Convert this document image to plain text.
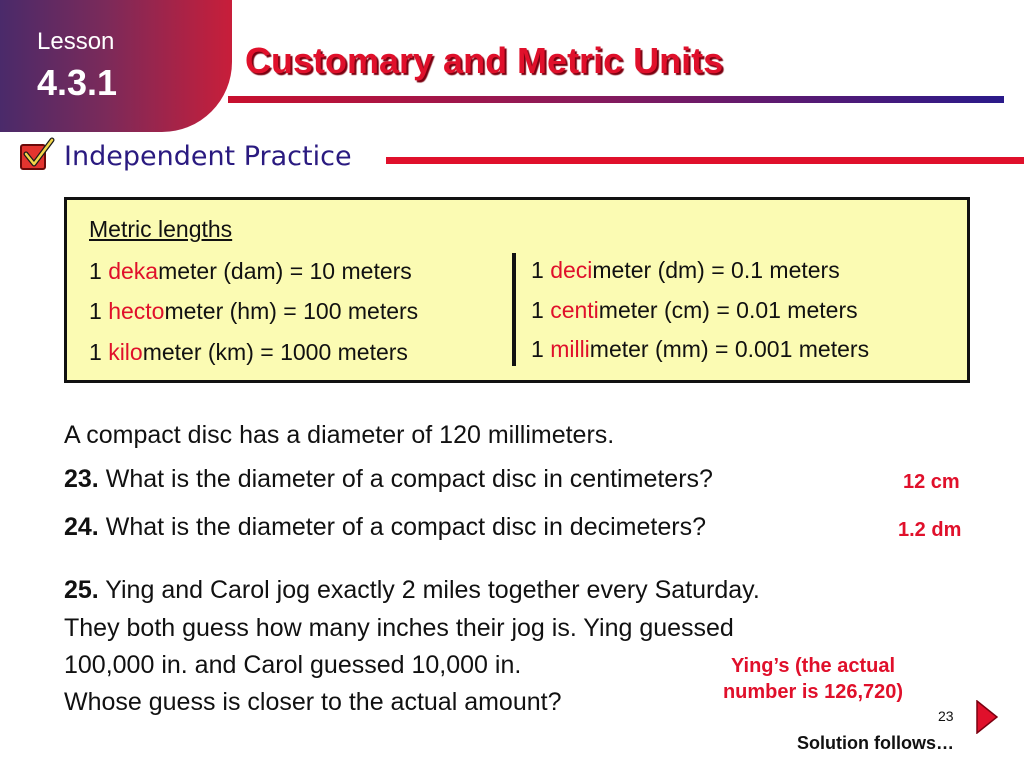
Lesson
4.3.1
Customary and Metric Units
Independent Practice
Metric lengths
1 dekameter (dam) = 10 meters
1 hectometer (hm) = 100 meters
1 kilometer (km) = 1000 meters
1 decimeter (dm) = 0.1 meters
1 centimeter (cm) = 0.01 meters
1 millimeter (mm) = 0.001 meters
A compact disc has a diameter of 120 millimeters.
23. What is the diameter of a compact disc in centimeters?	12 cm
24. What is the diameter of a compact disc in decimeters?	1.2 dm
25. Ying and Carol jog exactly 2 miles together every Saturday.
They both guess how many inches their jog is. Ying guessed
100,000 in. and Carol guessed 10,000 in.
Whose guess is closer to the actual amount?
Ying’s (the actual
number is 126,720)
23
Solution follows…
